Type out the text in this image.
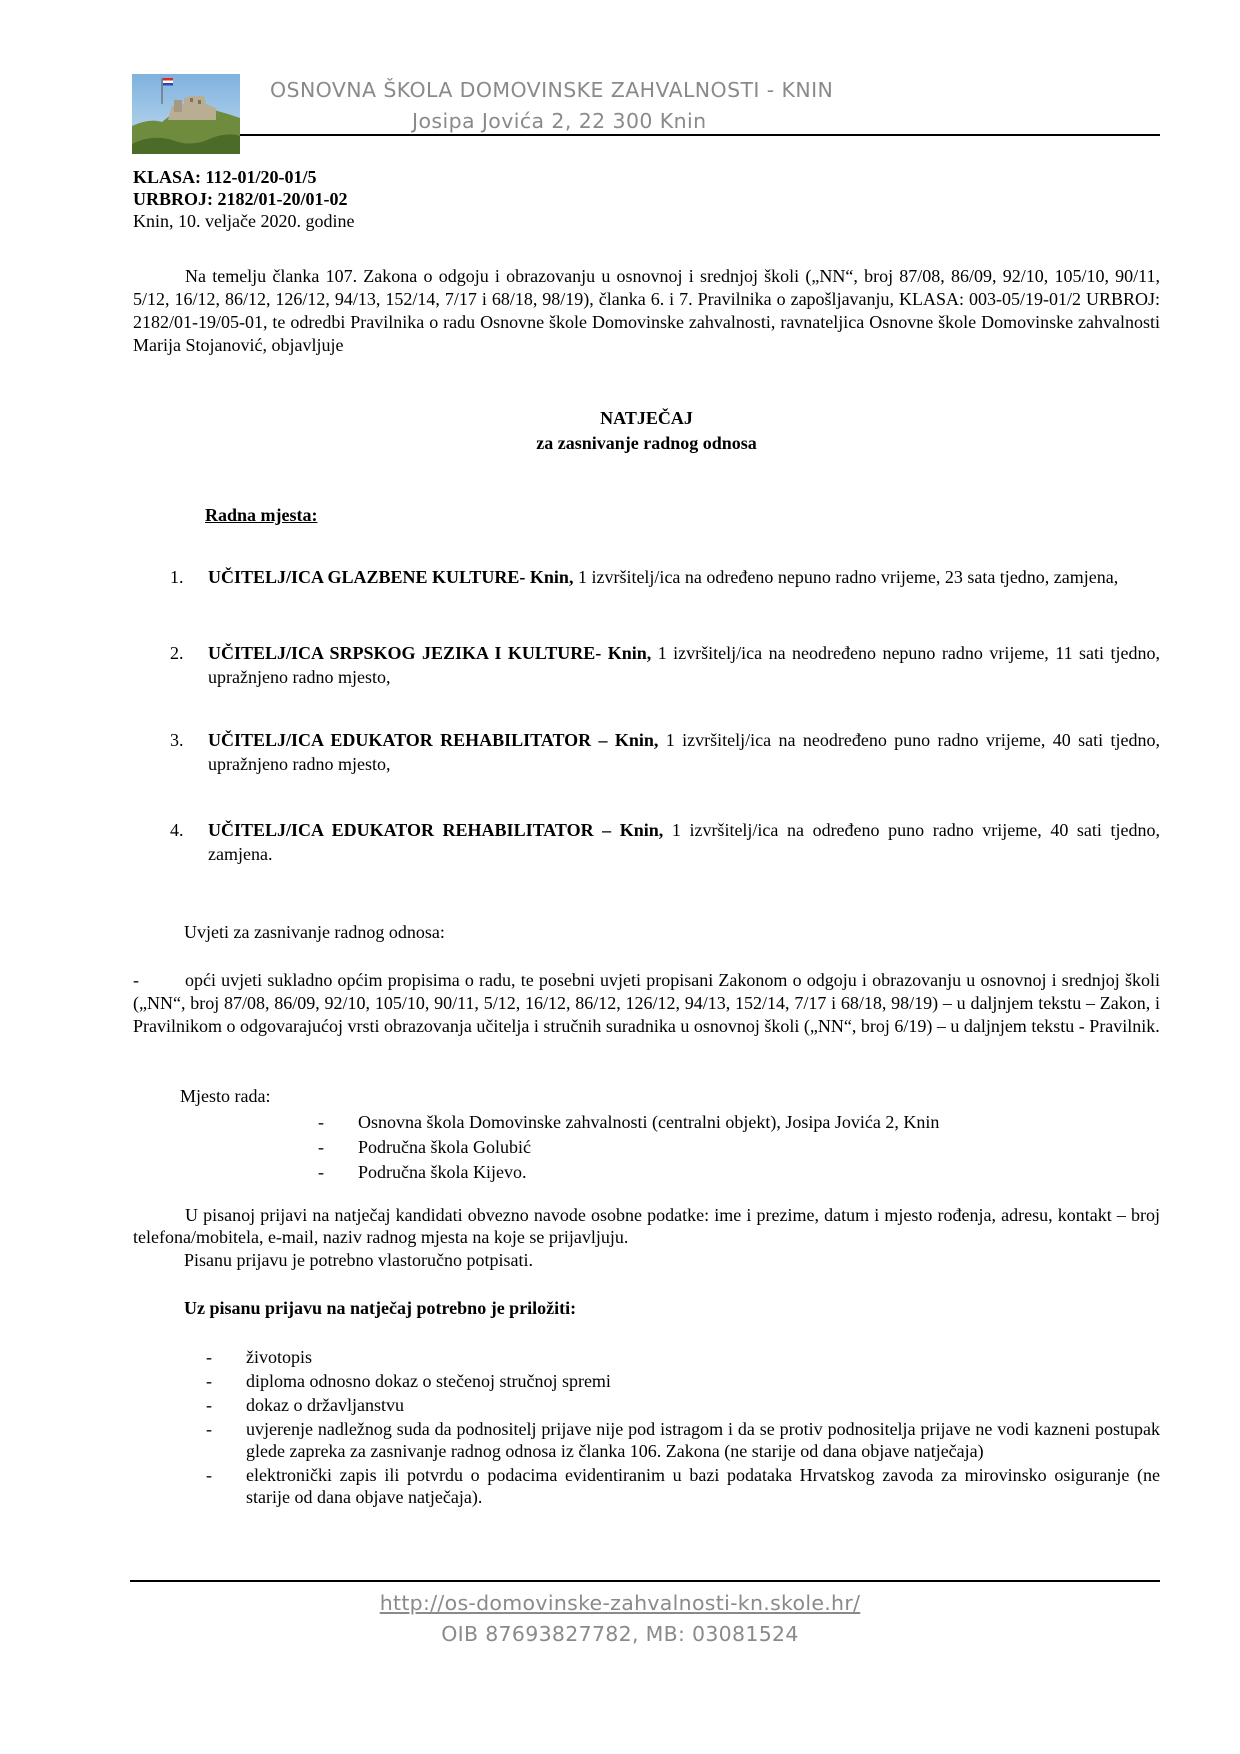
OSNOVNA ŠKOLA DOMOVINSKE ZAHVALNOSTI - KNIN
Josipa Jovića 2, 22 300 Knin
KLASA: 112-01/20-01/5
URBROJ: 2182/01-20/01-02
Knin, 10. veljače 2020. godine
Na temelju članka 107. Zakona o odgoju i obrazovanju u osnovnoj i srednjoj školi („NN“, broj 87/08, 86/09, 92/10, 105/10, 90/11, 5/12, 16/12, 86/12, 126/12, 94/13, 152/14, 7/17 i 68/18, 98/19), članka 6. i 7. Pravilnika o zapošljavanju, KLASA: 003-05/19-01/2 URBROJ: 2182/01-19/05-01, te odredbi Pravilnika o radu Osnovne škole Domovinske zahvalnosti, ravnateljica Osnovne škole Domovinske zahvalnosti Marija Stojanović, objavljuje
NATJEČAJ
za zasnivanje radnog odnosa
Radna mjesta:
1. UČITELJ/ICA GLAZBENE KULTURE- Knin, 1 izvršitelj/ica na određeno nepuno radno vrijeme, 23 sata tjedno, zamjena,
2. UČITELJ/ICA SRPSKOG JEZIKA I KULTURE- Knin, 1 izvršitelj/ica na neodređeno nepuno radno vrijeme, 11 sati tjedno, upražnjeno radno mjesto,
3. UČITELJ/ICA EDUKATOR REHABILITATOR – Knin, 1 izvršitelj/ica na neodređeno puno radno vrijeme, 40 sati tjedno, upražnjeno radno mjesto,
4. UČITELJ/ICA EDUKATOR REHABILITATOR – Knin, 1 izvršitelj/ica na određeno puno radno vrijeme, 40 sati tjedno, zamjena.
Uvjeti za zasnivanje radnog odnosa:
-	opći uvjeti sukladno općim propisima o radu, te posebni uvjeti propisani Zakonom o odgoju i obrazovanju u osnovnoj i srednjoj školi („NN“, broj 87/08, 86/09, 92/10, 105/10, 90/11, 5/12, 16/12, 86/12, 126/12, 94/13, 152/14, 7/17 i 68/18, 98/19) – u daljnjem tekstu – Zakon, i Pravilnikom o odgovarajućoj vrsti obrazovanja učitelja i stručnih suradnika u osnovnoj školi („NN“, broj 6/19) – u daljnjem tekstu - Pravilnik.
Mjesto rada:
- Osnovna škola Domovinske zahvalnosti (centralni objekt), Josipa Jovića 2, Knin
- Područna škola Golubić
- Područna škola Kijevo.
U pisanoj prijavi na natječaj kandidati obvezno navode osobne podatke: ime i prezime, datum i mjesto rođenja, adresu, kontakt – broj telefona/mobitela, e-mail, naziv radnog mjesta na koje se prijavljuju.
Pisanu prijavu je potrebno vlastoručno potpisati.
Uz pisanu prijavu na natječaj potrebno je priložiti:
- životopis
- diploma odnosno dokaz o stečenoj stručnoj spremi
- dokaz o državljanstvu
- uvjerenje nadležnog suda da podnositelj prijave nije pod istragom i da se protiv podnositelja prijave ne vodi kazneni postupak glede zapreka za zasnivanje radnog odnosa iz članka 106. Zakona (ne starije od dana objave natječaja)
- elektronički zapis ili potvrdu o podacima evidentiranim u bazi podataka Hrvatskog zavoda za mirovinsko osiguranje (ne starije od dana objave natječaja).
http://os-domovinske-zahvalnosti-kn.skole.hr/
OIB 87693827782, MB: 03081524
